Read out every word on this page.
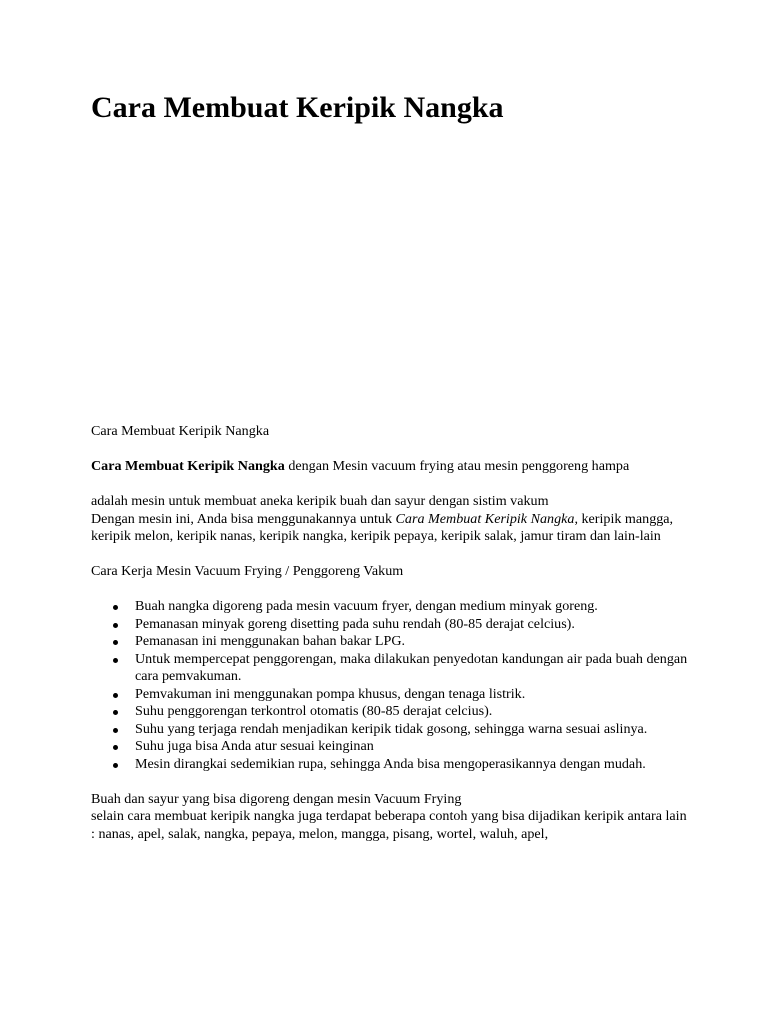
Cara Membuat Keripik Nangka

Cara Membuat Keripik Nangka

Cara Membuat Keripik Nangka dengan Mesin vacuum frying atau mesin penggoreng hampa

adalah mesin untuk membuat aneka keripik buah dan sayur dengan sistim vakum

Dengan mesin ini, Anda bisa menggunakannya untuk Cara Membuat Keripik Nangka, keripik mangga, keripik melon, keripik nanas, keripik nangka, keripik pepaya, keripik salak, jamur tiram dan lain-lain

Cara Kerja Mesin Vacuum Frying / Penggoreng Vakum

Buah nangka digoreng pada mesin vacuum fryer, dengan medium minyak goreng.
Pemanasan minyak goreng disetting pada suhu rendah (80-85 derajat celcius).
Pemanasan ini menggunakan bahan bakar LPG.
Untuk mempercepat penggorengan, maka dilakukan penyedotan kandungan air pada buah dengan cara pemvakuman.
Pemvakuman ini menggunakan pompa khusus, dengan tenaga listrik.
Suhu penggorengan terkontrol otomatis (80-85 derajat celcius).
Suhu yang terjaga rendah menjadikan keripik tidak gosong, sehingga warna sesuai aslinya.
Suhu juga bisa Anda atur sesuai keinginan
Mesin dirangkai sedemikian rupa, sehingga Anda bisa mengoperasikannya dengan mudah.

Buah dan sayur yang bisa digoreng dengan mesin Vacuum Frying

selain cara membuat keripik nangka juga terdapat beberapa contoh yang bisa dijadikan keripik antara lain : nanas, apel, salak, nangka, pepaya, melon, mangga, pisang, wortel, waluh, apel,
